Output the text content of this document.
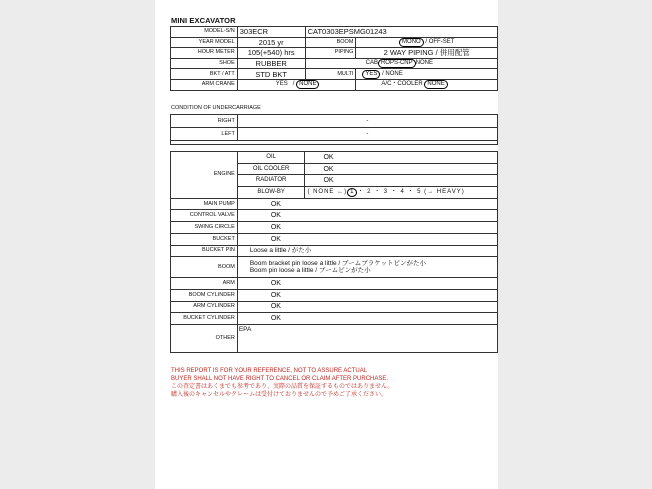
MINI EXCAVATOR
MODEL-S/N	303ECR	CAT0303EPSMG01243	
YEAR MODEL	2015 yr	BOOM	MONO / OFF-SET
HOUR METER	105(+540) hrs	PIPING	2 WAY PIPING / 併用配管
SHOE	RUBBER	CAB ROPS-CNP NONE	
BKT / ATT	STD BKT	MULTI	YES / NONE
ARM CRANE	YES / NONE		A/C・COOLER NONE
CONDITION OF UNDERCARRIAGE
RIGHT	-
LEFT	-

ENGINE	OIL	OK
	OIL COOLER	OK
	RADIATOR	OK
	BLOW-BY	( NONE ←) 1 ・ 2 ・ 3 ・ 4 ・ 5 (→ HEAVY)
MAIN PUMP	OK	
CONTROL VALVE	OK	
SWING CIRCLE	OK	
BUCKET	OK	
BUCKET PIN	Loose a little / がた小	
BOOM	Boom bracket pin loose a little / ブームブラケットピンがた小
Boom pin loose a little / ブームピンがた小	

ARM	OK	
BOOM CYLINDER	OK	
ARM CYLINDER	OK	
BUCKET CYLINDER	OK	
OTHER	EPA	
THIS REPORT IS FOR YOUR REFERENCE, NOT TO ASSURE ACTUAL
BUYER SHALL NOT HAVE RIGHT TO CANCEL OR CLAIM AFTER PURCHASE.
この査定書はあくまでも参考であり、実際の品質を保証するものではありません。
購入後のキャンセルやクレームは受付けておりませんので予めご了承ください。
